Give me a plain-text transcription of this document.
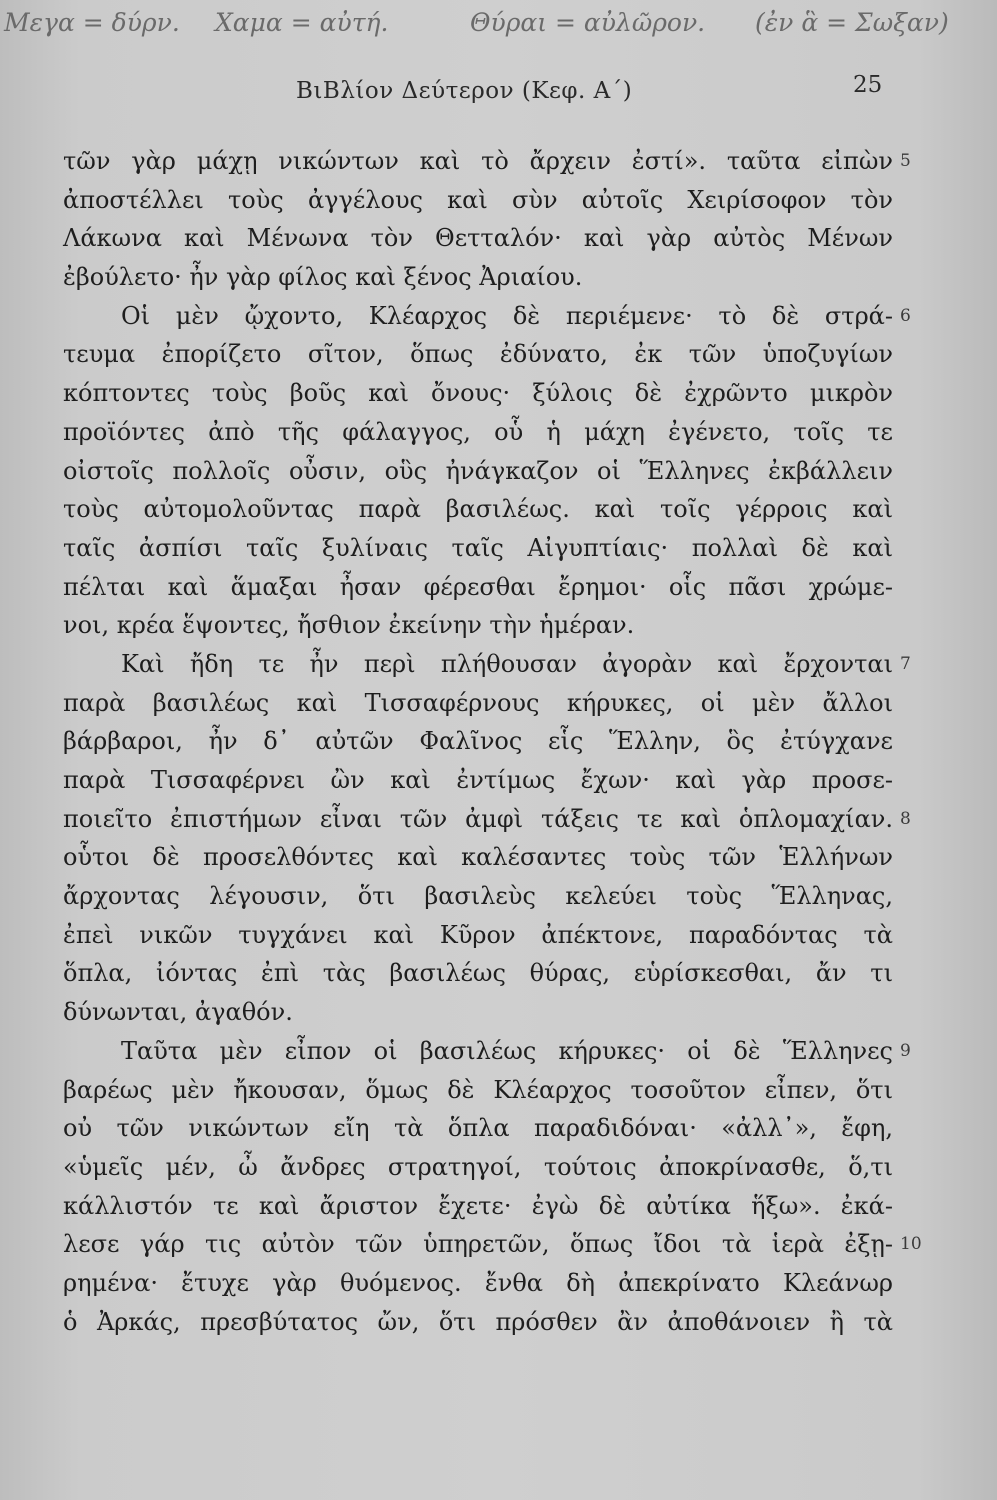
Μεγα = δύρν. Χαμα = αὐτή.	Θύραι = αὐλῶρον. (ἐν ἃ = Σωξαν)
ΒιΒλίον Δεύτερον (Κεφ. Α΄)	25
τῶν γὰρ μάχῃ νικώντων καὶ τὸ ἄρχειν ἐστί». ταῦτα εἰπὼν 5
ἀποστέλλει τοὺς ἀγγέλους καὶ σὺν αὐτοῖς Χειρίσοφον τὸν
Λάκωνα καὶ Μένωνα τὸν Θετταλόν· καὶ γὰρ αὐτὸς Μένων
ἐβούλετο· ἦν γὰρ φίλος καὶ ξένος Ἀριαίου.
Οἱ μὲν ᾤχοντο, Κλέαρχος δὲ περιέμενε· τὸ δὲ στρά- 6
τευμα ἐπορίζετο σῖτον, ὅπως ἐδύνατο, ἐκ τῶν ὑποζυγίων
κόπτοντες τοὺς βοῦς καὶ ὄνους· ξύλοις δὲ ἐχρῶντο μικρὸν
προϊόντες ἀπὸ τῆς φάλαγγος, οὗ ἡ μάχη ἐγένετο, τοῖς τε
οἰστοῖς πολλοῖς οὖσιν, οὓς ἠνάγκαζον οἱ Ἕλληνες ἐκβάλλειν
τοὺς αὐτομολοῦντας παρὰ βασιλέως. καὶ τοῖς γέρροις καὶ
ταῖς ἀσπίσι ταῖς ξυλίναις ταῖς Αἰγυπτίαις· πολλαὶ δὲ καὶ
πέλται καὶ ἅμαξαι ἦσαν φέρεσθαι ἔρημοι· οἷς πᾶσι χρώμε-
νοι, κρέα ἕψοντες, ἤσθιον ἐκείνην τὴν ἡμέραν.
Καὶ ἤδη τε ἦν περὶ πλήθουσαν ἀγορὰν καὶ ἔρχονται 7
παρὰ βασιλέως καὶ Τισσαφέρνους κήρυκες, οἱ μὲν ἄλλοι
βάρβαροι, ἦν δ᾽ αὐτῶν Φαλῖνος εἷς Ἕλλην, ὃς ἐτύγχανε
παρὰ Τισσαφέρνει ὢν καὶ ἐντίμως ἔχων· καὶ γὰρ προσε-
ποιεῖτο ἐπιστήμων εἶναι τῶν ἀμφὶ τάξεις τε καὶ ὁπλομαχίαν. 8
οὗτοι δὲ προσελθόντες καὶ καλέσαντες τοὺς τῶν Ἑλλήνων
ἄρχοντας λέγουσιν, ὅτι βασιλεὺς κελεύει τοὺς Ἕλληνας,
ἐπεὶ νικῶν τυγχάνει καὶ Κῦρον ἀπέκτονε, παραδόντας τὰ
ὅπλα, ἰόντας ἐπὶ τὰς βασιλέως θύρας, εὑρίσκεσθαι, ἄν τι
δύνωνται, ἀγαθόν.
Ταῦτα μὲν εἶπον οἱ βασιλέως κήρυκες· οἱ δὲ Ἕλληνες 9
βαρέως μὲν ἤκουσαν, ὅμως δὲ Κλέαρχος τοσοῦτον εἶπεν, ὅτι
οὐ τῶν νικώντων εἴη τὰ ὅπλα παραδιδόναι· «ἀλλ᾽», ἔφη,
«ὑμεῖς μέν, ὦ ἄνδρες στρατηγοί, τούτοις ἀποκρίνασθε, ὅ,τι
κάλλιστόν τε καὶ ἄριστον ἔχετε· ἐγὼ δὲ αὐτίκα ἥξω». ἐκά-
λεσε γάρ τις αὐτὸν τῶν ὑπηρετῶν, ὅπως ἴδοι τὰ ἱερὰ ἐξῃ- 10
ρημένα· ἔτυχε γὰρ θυόμενος. ἔνθα δὴ ἀπεκρίνατο Κλεάνωρ
ὁ Ἀρκάς, πρεσβύτατος ὤν, ὅτι πρόσθεν ἂν ἀποθάνοιεν ἢ τὰ
